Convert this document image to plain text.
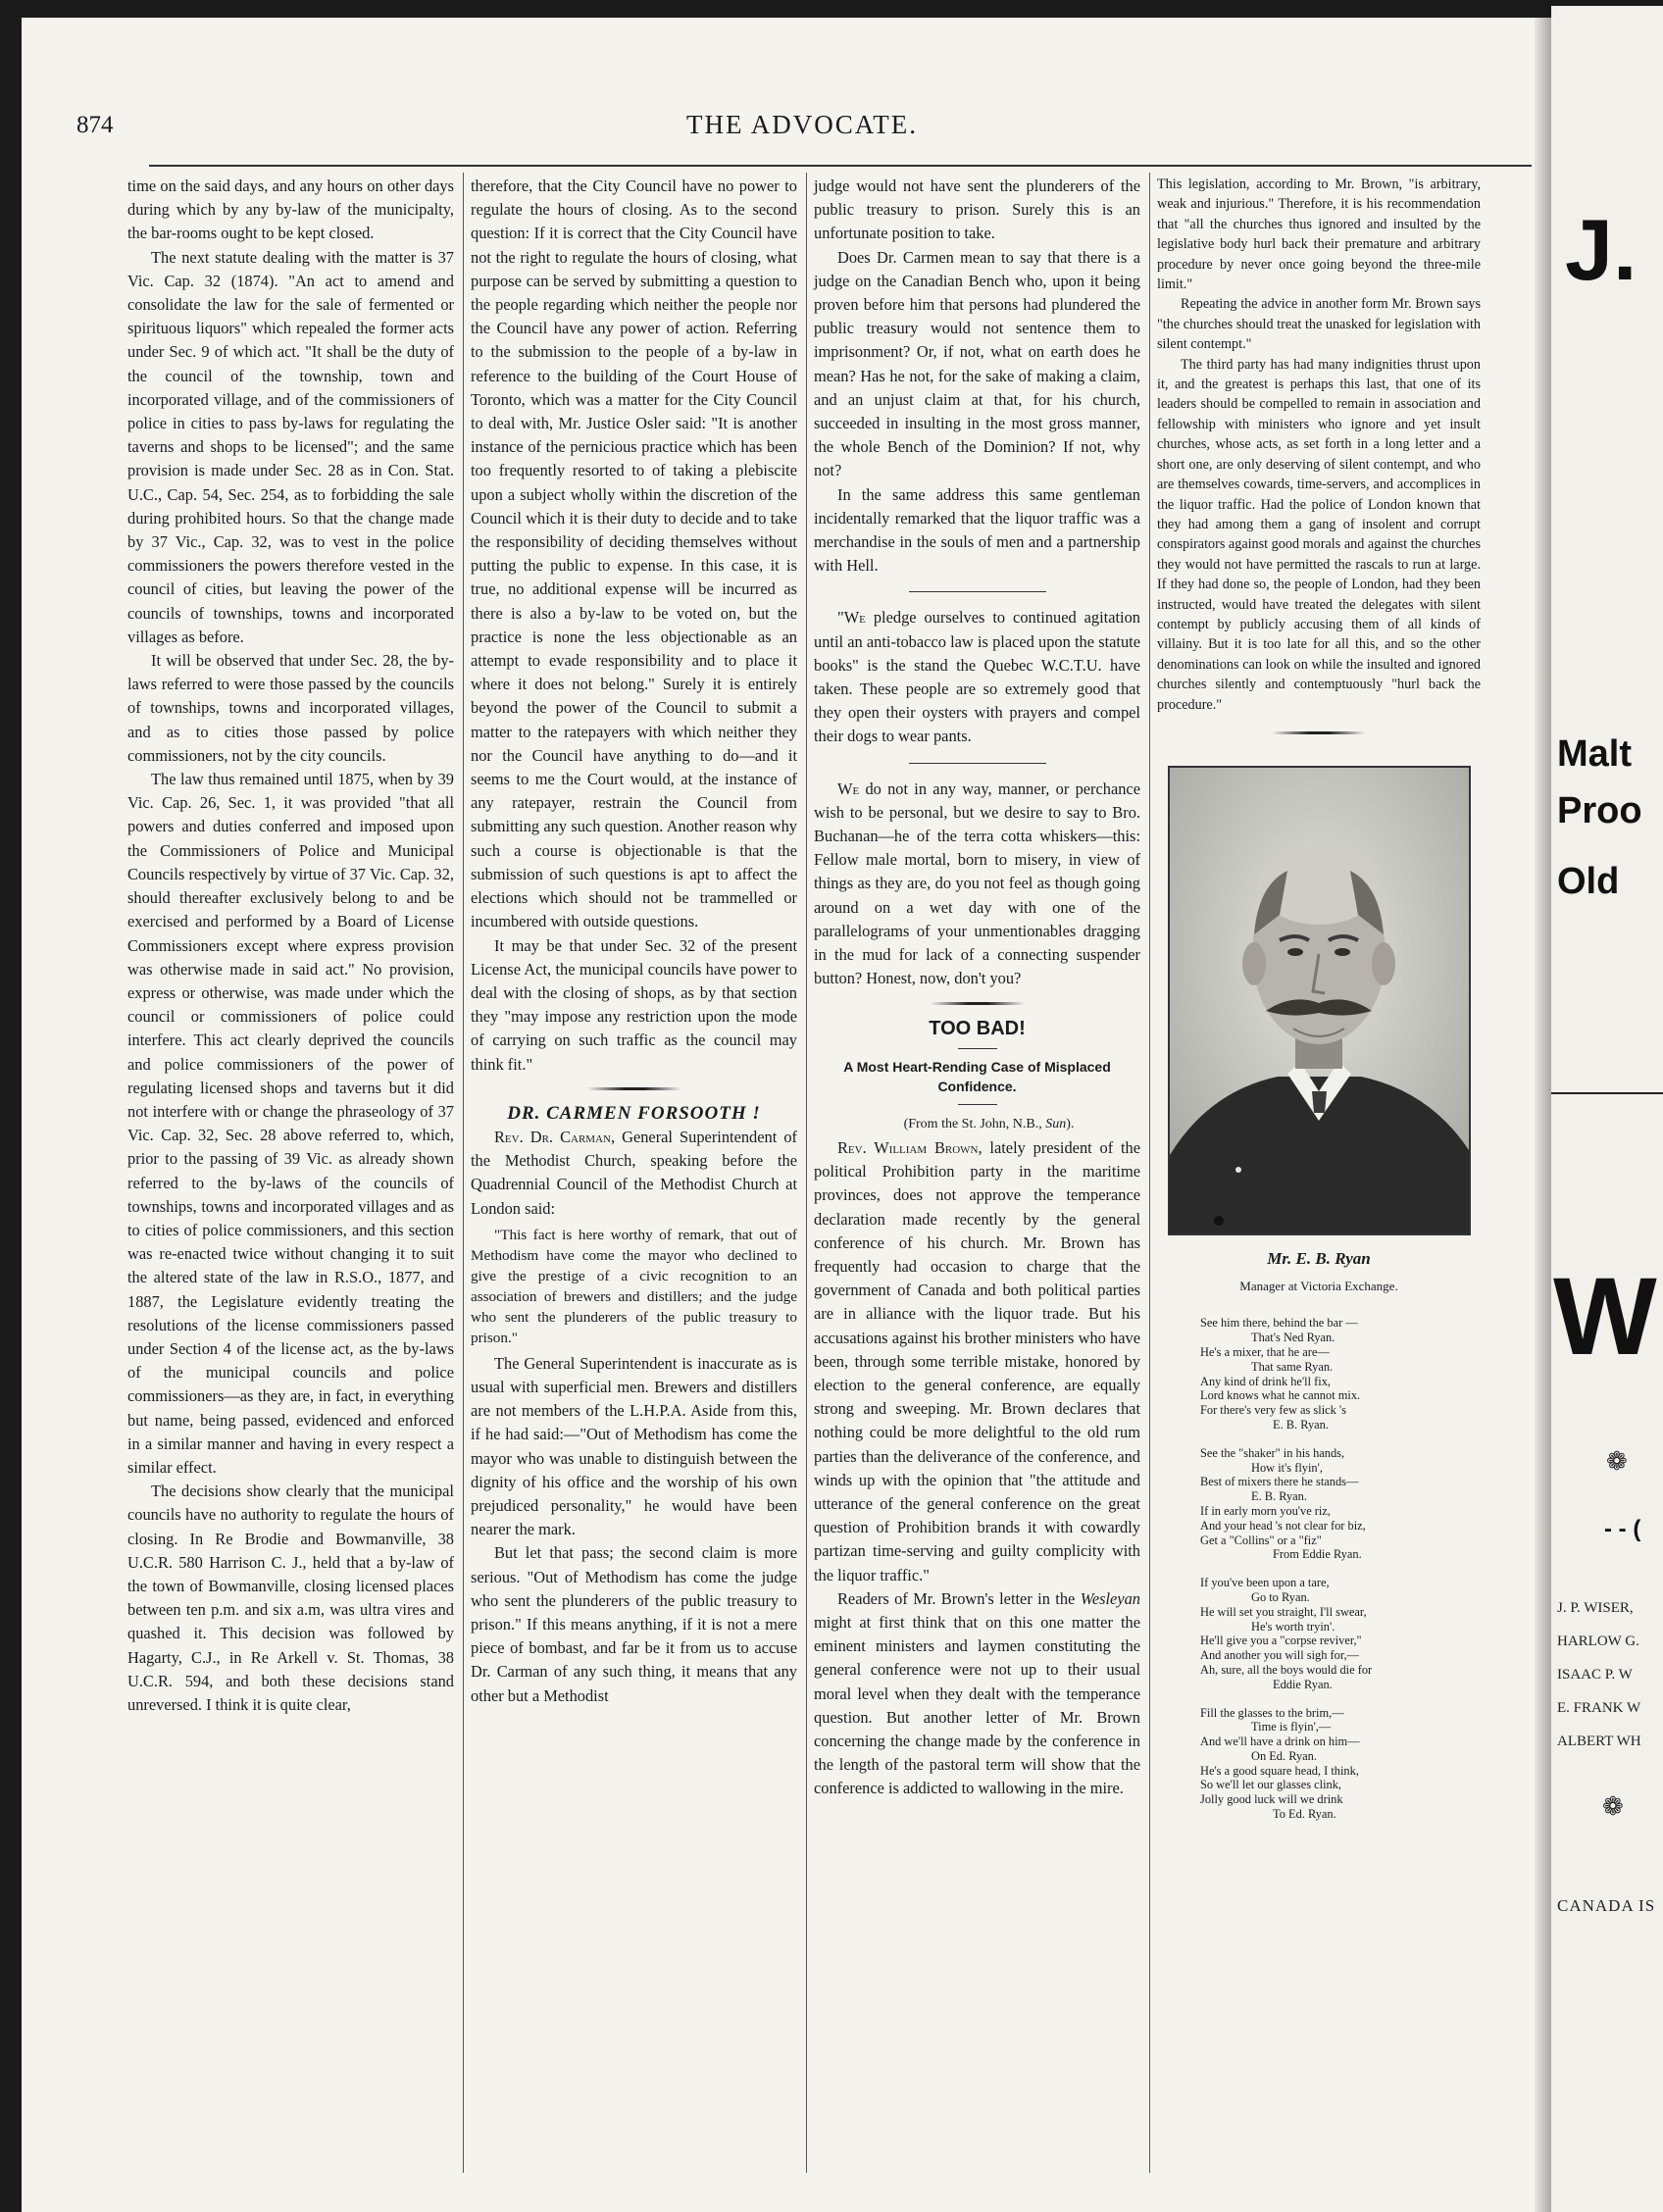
874	THE ADVOCATE.

time on the said days, and any hours on other days during which by any by-law of the municipalty, the bar-rooms ought to be kept closed.

The next statute dealing with the matter is 37 Vic. Cap. 32 (1874). "An act to amend and consolidate the law for the sale of fermented or spirituous liquors" which repealed the former acts under Sec. 9 of which act. "It shall be the duty of the council of the township, town and incorporated village, and of the commissioners of police in cities to pass by-laws for regulating the taverns and shops to be licensed"; and the same provision is made under Sec. 28 as in Con. Stat. U.C., Cap. 54, Sec. 254, as to forbidding the sale during prohibited hours. So that the change made by 37 Vic., Cap. 32, was to vest in the police commissioners the powers therefore vested in the council of cities, but leaving the power of the councils of townships, towns and incorporated villages as before.

It will be observed that under Sec. 28, the by-laws referred to were those passed by the councils of townships, towns and incorporated villages, and as to cities those passed by police commissioners, not by the city councils.

The law thus remained until 1875, when by 39 Vic. Cap. 26, Sec. 1, it was provided "that all powers and duties conferred and imposed upon the Commissioners of Police and Municipal Councils respectively by virtue of 37 Vic. Cap. 32, should thereafter exclusively belong to and be exercised and performed by a Board of License Commissioners except where express provision was otherwise made in said act." No provision, express or otherwise, was made under which the council or commissioners of police could interfere. This act clearly deprived the councils and police commissioners of the power of regulating licensed shops and taverns but it did not interfere with or change the phraseology of 37 Vic. Cap. 32, Sec. 28 above referred to, which, prior to the passing of 39 Vic. as already shown referred to the by-laws of the councils of townships, towns and incorporated villages and as to cities of police commissioners, and this section was re-enacted twice without changing it to suit the altered state of the law in R.S.O., 1877, and 1887, the Legislature evidently treating the resolutions of the license commissioners passed under Section 4 of the license act, as the by-laws of the municipal councils and police commissioners—as they are, in fact, in everything but name, being passed, evidenced and enforced in a similar manner and having in every respect a similar effect.

The decisions show clearly that the municipal councils have no authority to regulate the hours of closing. In Re Brodie and Bowmanville, 38 U.C.R. 580 Harrison C. J., held that a by-law of the town of Bowmanville, closing licensed places between ten p.m. and six a.m, was ultra vires and quashed it. This decision was followed by Hagarty, C.J., in Re Arkell v. St. Thomas, 38 U.C.R. 594, and both these decisions stand unreversed. I think it is quite clear,

therefore, that the City Council have no power to regulate the hours of closing. As to the second question: If it is correct that the City Council have not the right to regulate the hours of closing, what purpose can be served by submitting a question to the people regarding which neither the people nor the Council have any power of action. Referring to the submission to the people of a by-law in reference to the building of the Court House of Toronto, which was a matter for the City Council to deal with, Mr. Justice Osler said: "It is another instance of the pernicious practice which has been too frequently resorted to of taking a plebiscite upon a subject wholly within the discretion of the Council which it is their duty to decide and to take the responsibility of deciding themselves without putting the public to expense. In this case, it is true, no additional expense will be incurred as there is also a by-law to be voted on, but the practice is none the less objectionable as an attempt to evade responsibility and to place it where it does not belong." Surely it is entirely beyond the power of the Council to submit a matter to the ratepayers with which neither they nor the Council have anything to do—and it seems to me the Court would, at the instance of any ratepayer, restrain the Council from submitting any such question. Another reason why such a course is objectionable is that the submission of such questions is apt to affect the elections which should not be trammelled or incumbered with outside questions.

It may be that under Sec. 32 of the present License Act, the municipal councils have power to deal with the closing of shops, as by that section they "may impose any restriction upon the mode of carrying on such traffic as the council may think fit."

DR. CARMEN FORSOOTH !

Rev. Dr. Carman, General Superintendent of the Methodist Church, speaking before the Quadrennial Council of the Methodist Church at London said:

"This fact is here worthy of remark, that out of Methodism have come the mayor who declined to give the prestige of a civic recognition to an association of brewers and distillers; and the judge who sent the plunderers of the public treasury to prison."

The General Superintendent is inaccurate as is usual with superficial men. Brewers and distillers are not members of the L.H.P.A. Aside from this, if he had said:—"Out of Methodism has come the mayor who was unable to distinguish between the dignity of his office and the worship of his own prejudiced personality," he would have been nearer the mark.

But let that pass; the second claim is more serious. "Out of Methodism has come the judge who sent the plunderers of the public treasury to prison." If this means anything, if it is not a mere piece of bombast, and far be it from us to accuse Dr. Carman of any such thing, it means that any other but a Methodist

judge would not have sent the plunderers of the public treasury to prison. Surely this is an unfortunate position to take.

Does Dr. Carmen mean to say that there is a judge on the Canadian Bench who, upon it being proven before him that persons had plundered the public treasury would not sentence them to imprisonment? Or, if not, what on earth does he mean? Has he not, for the sake of making a claim, and an unjust claim at that, for his church, succeeded in insulting in the most gross manner, the whole Bench of the Dominion? If not, why not?

In the same address this same gentleman incidentally remarked that the liquor traffic was a merchandise in the souls of men and a partnership with Hell.

"We pledge ourselves to continued agitation until an anti-tobacco law is placed upon the statute books" is the stand the Quebec W.C.T.U. have taken. These people are so extremely good that they open their oysters with prayers and compel their dogs to wear pants.

We do not in any way, manner, or perchance wish to be personal, but we desire to say to Bro. Buchanan—he of the terra cotta whiskers—this: Fellow male mortal, born to misery, in view of things as they are, do you not feel as though going around on a wet day with one of the parallelograms of your unmentionables dragging in the mud for lack of a connecting suspender button? Honest, now, don't you?

TOO BAD!

A Most Heart-Rending Case of Misplaced Confidence.

(From the St. John, N.B., Sun).

Rev. William Brown, lately president of the political Prohibition party in the maritime provinces, does not approve the temperance declaration made recently by the general conference of his church. Mr. Brown has frequently had occasion to charge that the government of Canada and both political parties are in alliance with the liquor trade. But his accusations against his brother ministers who have been, through some terrible mistake, honored by election to the general conference, are equally strong and sweeping. Mr. Brown declares that nothing could be more delightful to the old rum parties than the deliverance of the conference, and winds up with the opinion that "the attitude and utterance of the general conference on the great question of Prohibition brands it with cowardly partizan time-serving and guilty complicity with the liquor traffic."

Readers of Mr. Brown's letter in the Wesleyan might at first think that on this one matter the eminent ministers and laymen constituting the general conference were not up to their usual moral level when they dealt with the temperance question. But another letter of Mr. Brown concerning the change made by the conference in the length of the pastoral term will show that the conference is addicted to wallowing in the mire.

This legislation, according to Mr. Brown, "is arbitrary, weak and injurious." Therefore, it is his recommendation that "all the churches thus ignored and insulted by the legislative body hurl back their premature and arbitrary procedure by never once going beyond the three-mile limit."

Repeating the advice in another form Mr. Brown says "the churches should treat the unasked for legislation with silent contempt."

The third party has had many indignities thrust upon it, and the greatest is perhaps this last, that one of its leaders should be compelled to remain in association and fellowship with ministers who ignore and yet insult churches, whose acts, as set forth in a long letter and a short one, are only deserving of silent contempt, and who are themselves cowards, time-servers, and accomplices in the liquor traffic. Had the police of London known that they had among them a gang of insolent and corrupt conspirators against good morals and against the churches they would not have permitted the rascals to run at large. If they had done so, the people of London, had they been instructed, would have treated the delegates with silent contempt by publicly accusing them of all kinds of villainy. But it is too late for all this, and so the other denominations can look on while the insulted and ignored churches silently and contemptuously "hurl back the procedure."

Mr. E. B. Ryan
Manager at Victoria Exchange.
See him there, behind the bar —
That's Ned Ryan.
He's a mixer, that he are—
That same Ryan.
Any kind of drink he'll fix,
Lord knows what he cannot mix.
For there's very few as slick 's
E. B. Ryan.
See the "shaker" in his hands,
How it's flyin',
Best of mixers there he stands—
E. B. Ryan.
If in early morn you've riz,
And your head 's not clear for biz,
Get a "Collins" or a "fiz"
From Eddie Ryan.
If you've been upon a tare,
Go to Ryan.
He will set you straight, I'll swear,
He's worth tryin'.
He'll give you a "corpse reviver,"
And another you will sigh for,—
Ah, sure, all the boys would die for
Eddie Ryan.
Fill the glasses to the brim,—
Time is flyin',—
And we'll have a drink on him—
On Ed. Ryan.
He's a good square head, I think,
So we'll let our glasses clink,
Jolly good luck will we drink
To Ed. Ryan.
J.
Malt
Proo
Old
W
❁
- - (
J. P. WISER,
HARLOW G.
ISAAC P. W
E. FRANK W
ALBERT WH
❁
CANADA IS
